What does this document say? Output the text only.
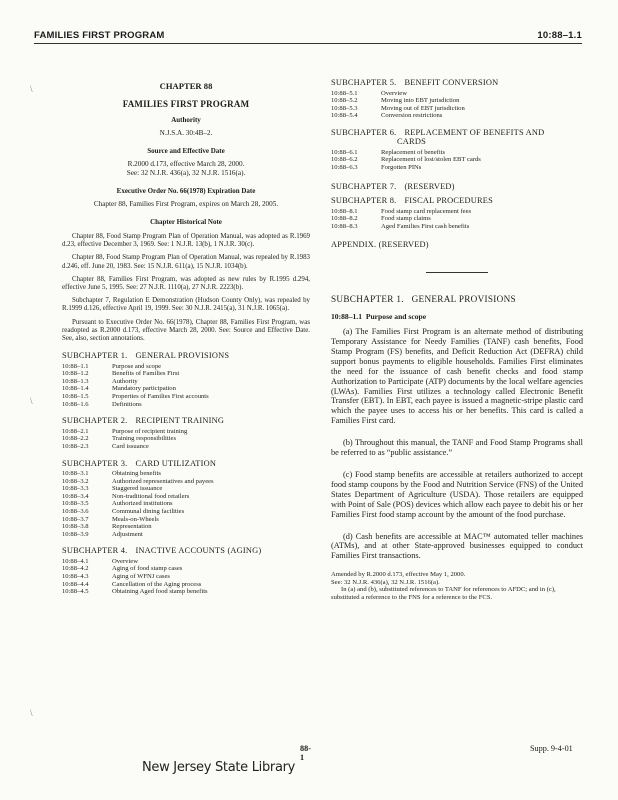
FAMILIES FIRST PROGRAM	10:88–1.1
\
\
\
CHAPTER 88
FAMILIES FIRST PROGRAM
Authority
N.J.S.A. 30:4B–2.
Source and Effective Date
R.2000 d.173, effective March 28, 2000.
See: 32 N.J.R. 436(a), 32 N.J.R. 1516(a).
Executive Order No. 66(1978) Expiration Date
Chapter 88, Families First Program, expires on March 28, 2005.
Chapter Historical Note

Chapter 88, Food Stamp Program Plan of Operation Manual, was adopted as R.1969 d.23, effective December 3, 1969. See: 1 N.J.R. 13(b), 1 N.J.R. 30(c).

Chapter 88, Food Stamp Program Plan of Operation Manual, was repealed by R.1983 d.246, eff. June 20, 1983. See: 15 N.J.R. 611(a), 15 N.J.R. 1034(b).

Chapter 88, Families First Program, was adopted as new rules by R.1995 d.294, effective June 5, 1995. See: 27 N.J.R. 1110(a), 27 N.J.R. 2223(b).

Subchapter 7, Regulation E Demonstration (Hudson County Only), was repealed by R.1999 d.126, effective April 19, 1999. See: 30 N.J.R. 2415(a), 31 N.J.R. 1065(a).

Pursuant to Executive Order No. 66(1978), Chapter 88, Families First Program, was readopted as R.2000 d.173, effective March 28, 2000. See: Source and Effective Date. See, also, section annotations.

SUBCHAPTER 1. GENERAL PROVISIONS
10:88–1.1	Purpose and scope
10:88–1.2	Benefits of Families First
10:88–1.3	Authority
10:88–1.4	Mandatory participation
10:88–1.5	Properties of Families First accounts
10:88–1.6	Definitions
SUBCHAPTER 2. RECIPIENT TRAINING
10:88–2.1	Purpose of recipient training
10:88–2.2	Training responsibilities
10:88–2.3	Card issuance
SUBCHAPTER 3. CARD UTILIZATION
10:88–3.1	Obtaining benefits
10:88–3.2	Authorized representatives and payees
10:88–3.3	Staggered issuance
10:88–3.4	Non-traditional food retailers
10:88–3.5	Authorized institutions
10:88–3.6	Communal dining facilities
10:88–3.7	Meals-on-Wheels
10:88–3.8	Representation
10:88–3.9	Adjustment
SUBCHAPTER 4. INACTIVE ACCOUNTS (AGING)
10:88–4.1	Overview
10:88–4.2	Aging of food stamp cases
10:88–4.3	Aging of WFNJ cases
10:88–4.4	Cancellation of the Aging process
10:88–4.5	Obtaining Aged food stamp benefits
SUBCHAPTER 5. BENEFIT CONVERSION
10:88–5.1	Overview
10:88–5.2	Moving into EBT jurisdiction
10:88–5.3	Moving out of EBT jurisdiction
10:88–5.4	Conversion restrictions
SUBCHAPTER 6. REPLACEMENT OF BENEFITS AND
CARDS
10:88–6.1	Replacement of benefits
10:88–6.2	Replacement of lost/stolen EBT cards
10:88–6.3	Forgotten PINs
SUBCHAPTER 7. (RESERVED)
SUBCHAPTER 8. FISCAL PROCEDURES
10:88–8.1	Food stamp card replacement fees
10:88–8.2	Food stamp claims
10:88–8.3	Aged Families First cash benefits
APPENDIX. (RESERVED)
SUBCHAPTER 1.   GENERAL PROVISIONS
10:88–1.1 Purpose and scope

(a) The Families First Program is an alternate method of distributing Temporary Assistance for Needy Families (TANF) cash benefits, Food Stamp Program (FS) benefits, and Deficit Reduction Act (DEFRA) child support bonus payments to eligible households. Families First eliminates the need for the issuance of cash benefit checks and food stamp Authorization to Participate (ATP) documents by the local welfare agencies (LWAs). Families First utilizes a technology called Electronic Benefit Transfer (EBT). In EBT, each payee is issued a magnetic-stripe plastic card which the payee uses to access his or her benefits. This card is called a Families First card.

(b) Throughout this manual, the TANF and Food Stamp Programs shall be referred to as “public assistance.”

(c) Food stamp benefits are accessible at retailers authorized to accept food stamp coupons by the Food and Nutrition Service (FNS) of the United States Department of Agriculture (USDA). Those retailers are equipped with Point of Sale (POS) devices which allow each payee to debit his or her Families First food stamp account by the amount of the food purchase.

(d) Cash benefits are accessible at MAC™ automated teller machines (ATMs), and at other State-approved businesses equipped to conduct Families First transactions.

Amended by R.2000 d.173, effective May 1, 2000.

See: 32 N.J.R. 436(a), 32 N.J.R. 1516(a).

In (a) and (b), substituted references to TANF for references to AFDC; and in (c), substituted a reference to the FNS for a reference to the FCS.

88-1
Supp. 9-4-01
New Jersey State Library
